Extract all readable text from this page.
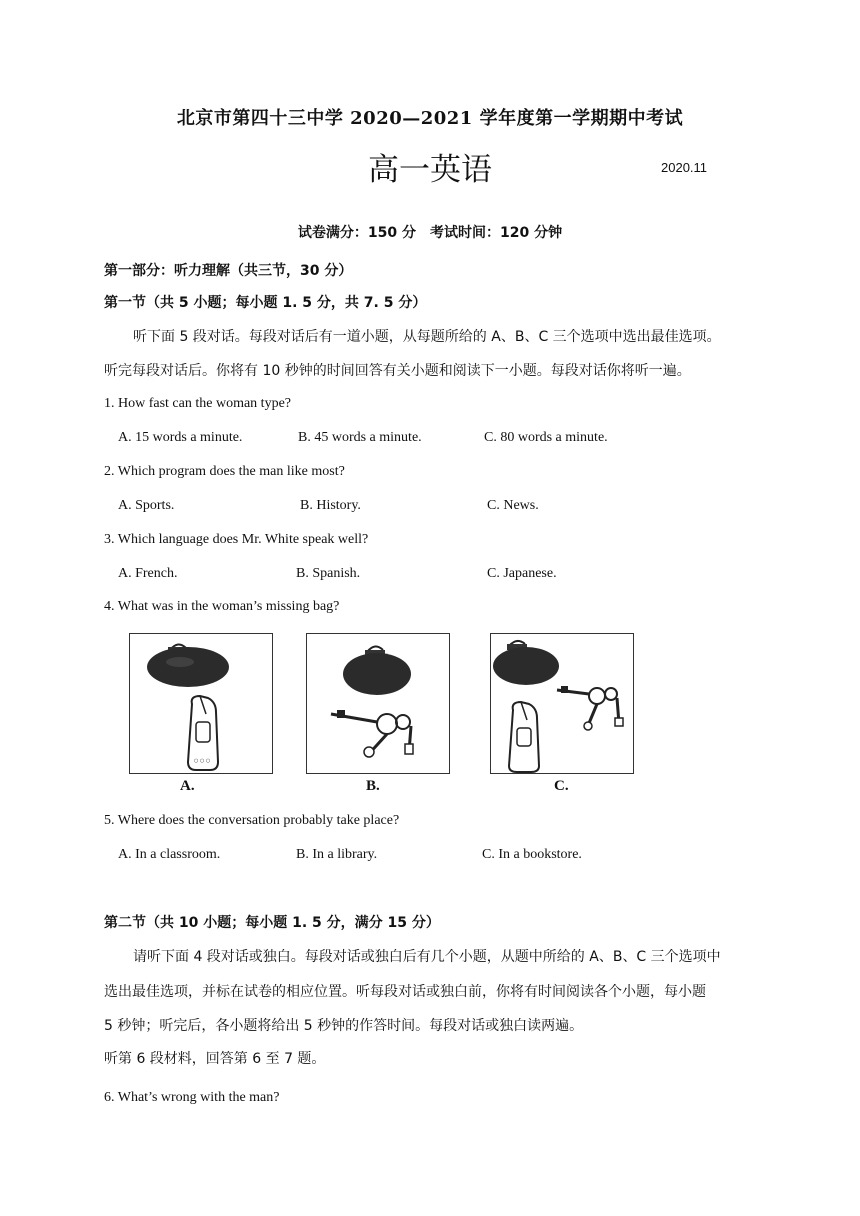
北京市第四十三中学 2020—2021 学年度第一学期期中考试
高一英语	2020.11
试卷满分：150 分　考试时间：120 分钟
第一部分：听力理解（共三节，30 分）
第一节（共 5 小题；每小题 1. 5 分，共 7. 5 分）
听下面 5 段对话。每段对话后有一道小题，从每题所给的 A、B、C 三个选项中选出最佳选项。
听完每段对话后。你将有 10 秒钟的时间回答有关小题和阅读下一小题。每段对话你将听一遍。
1. How fast can the woman type?
A. 15 words a minute.	B. 45 words a minute.	C. 80 words a minute.
2. Which program does the man like most?
A. Sports.	B. History.	C. News.
3. Which language does Mr. White speak well?
A. French.	B. Spanish.	C. Japanese.
4. What was in the woman’s missing bag?
○ ○ ○
A.	B.	C.
5. Where does the conversation probably take place?
A. In a classroom.	B. In a library.	C. In a bookstore.
第二节（共 10 小题；每小题 1. 5 分，满分 15 分）
请听下面 4 段对话或独白。每段对话或独白后有几个小题，从题中所给的 A、B、C 三个选项中
选出最佳选项，并标在试卷的相应位置。听每段对话或独白前，你将有时间阅读各个小题，每小题
5 秒钟；听完后，各小题将给出 5 秒钟的作答时间。每段对话或独白读两遍。
听第 6 段材料，回答第 6 至 7 题。
6. What’s wrong with the man?
